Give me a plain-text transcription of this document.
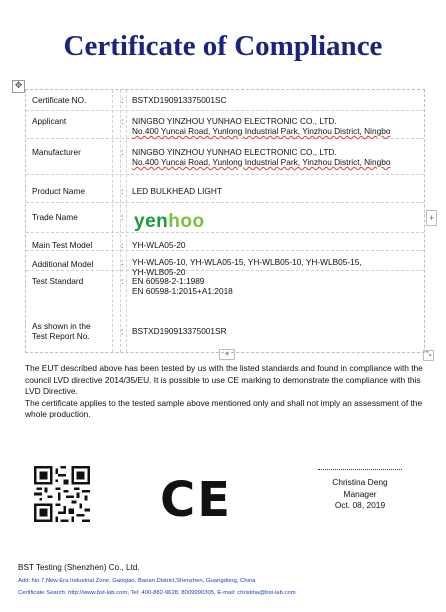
Certificate of Compliance
✥
Certificate NO.	: BSTXD190913375001SC
Applicant	: NINGBO YINZHOU YUNHAO ELECTRONIC CO., LTD.
No.400 Yuncai Road, Yunlong Industrial Park, Yinzhou District, Ningbo
Manufacturer	: NINGBO YINZHOU YUNHAO ELECTRONIC CO., LTD.
No.400 Yuncai Road, Yunlong Industrial Park, Yinzhou District, Ningbo
Product Name	: LED BULKHEAD LIGHT
Trade Name	: yenhoo
Main Test Model	: YH-WLA05-20
Additional Model	: YH-WLA05-10, YH-WLA05-15, YH-WLB05-10, YH-WLB05-15,
YH-WLB05-20
Test Standard	: EN 60598-2-1:1989
EN 60598-1:2015+A1:2018
As shown in the
Test Report No.	: BSTXD190913375001SR
+
+	⤡

The EUT described above has been tested by us with the listed standards and found in compliance with the council LVD directive 2014/35/EU. It is possible to use CE marking to demonstrate the compliance with this LVD Directive.

The certificate applies to the tested sample above mentioned only and shall not imply an assessment of the whole production.

CE	Christina Deng
Manager
Oct. 08, 2019
BST Testing (Shenzhen) Co., Ltd.
Add: No.7,New Era Industrial Zone, Gaoqiao, Baoan District,Shenzhen, Guangdong, China
Certificate Search: http://www.bst-lab.com, Tel: 400-882-9628, 8009990305, E-mail: christina@bst-lab.com
